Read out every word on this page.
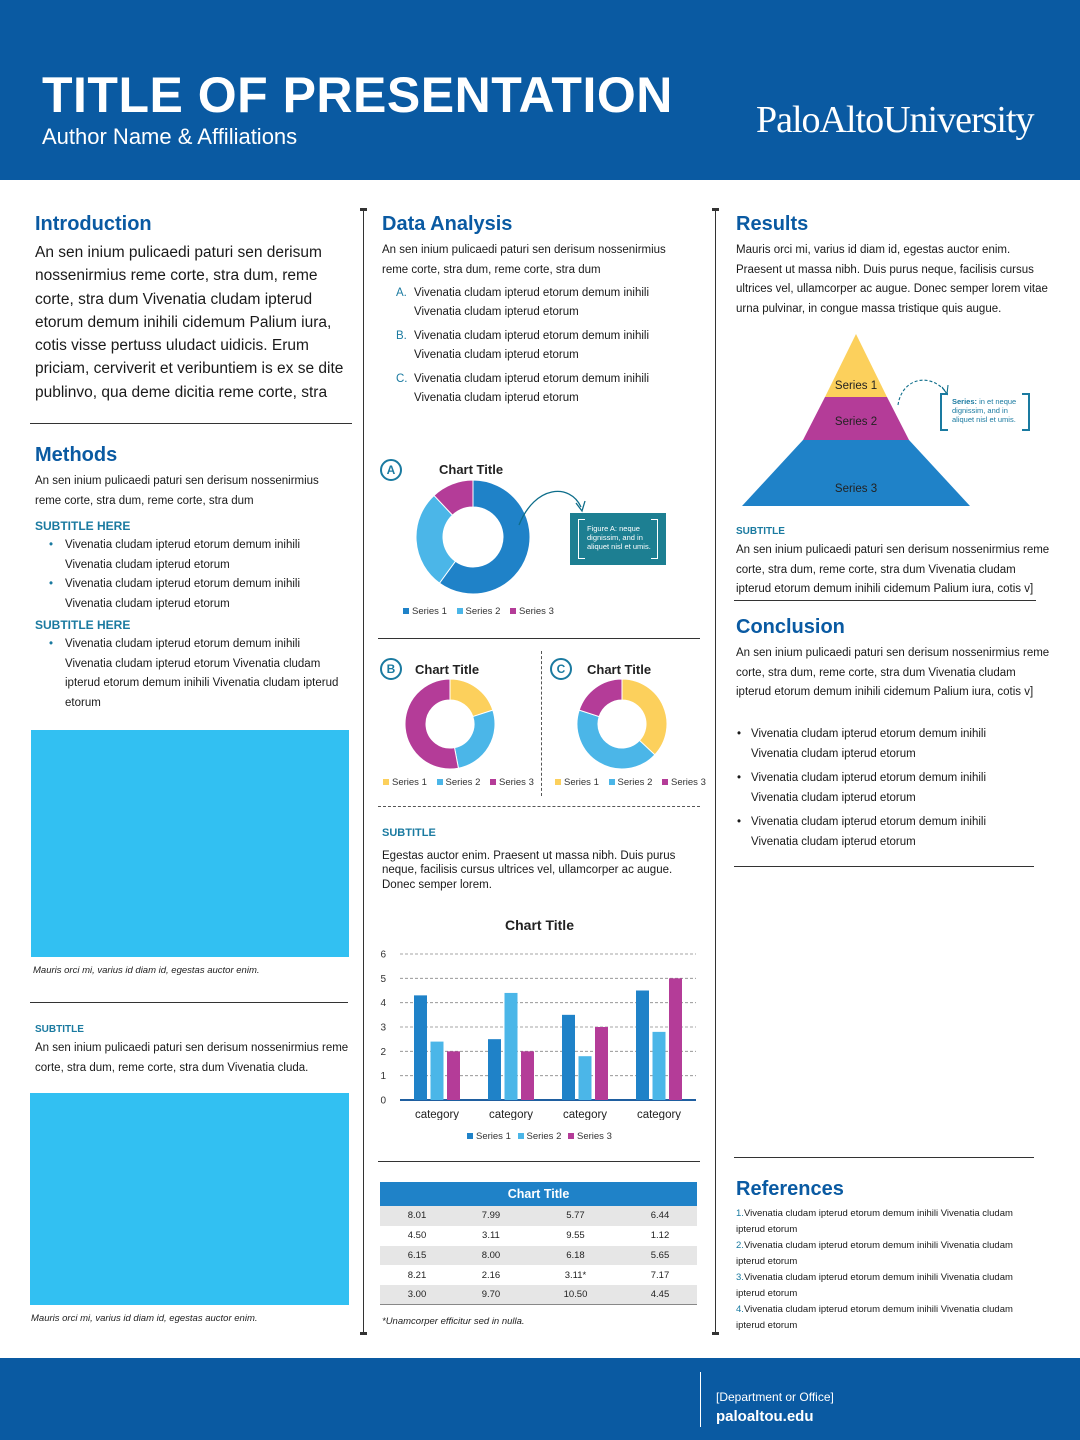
TITLE OF PRESENTATION
Author Name & Affiliations	PaloAltoUniversity
Introduction
An sen inium pulicaedi paturi sen derisum nossenirmius reme corte, stra dum, reme corte, stra dum Vivenatia cludam ipterud etorum demum inihili cidemum Palium iura, cotis visse pertuss uludact uidicis. Erum priciam, cerviverit et veribuntiem is ex se dite publinvo, qua deme dicitia reme corte, stra
Methods
An sen inium pulicaedi paturi sen derisum nossenirmius reme corte, stra dum, reme corte, stra dum
SUBTITLE HERE
• Vivenatia cludam ipterud etorum demum inihili Vivenatia cludam ipterud etorum
• Vivenatia cludam ipterud etorum demum inihili Vivenatia cludam ipterud etorum
SUBTITLE HERE
• Vivenatia cludam ipterud etorum demum inihili Vivenatia cludam ipterud etorum Vivenatia cludam ipterud etorum demum inihili Vivenatia cludam ipterud etorum
Mauris orci mi, varius id diam id, egestas auctor enim.
SUBTITLE
An sen inium pulicaedi paturi sen derisum nossenirmius reme corte, stra dum, reme corte, stra dum Vivenatia cluda.
Mauris orci mi, varius id diam id, egestas auctor enim.
Data Analysis
An sen inium pulicaedi paturi sen derisum nossenirmius reme corte, stra dum, reme corte, stra dum
A. Vivenatia cludam ipterud etorum demum inihili Vivenatia cludam ipterud etorum
B. Vivenatia cludam ipterud etorum demum inihili Vivenatia cludam ipterud etorum
C. Vivenatia cludam ipterud etorum demum inihili Vivenatia cludam ipterud etorum
A	Chart Title
Figure A: neque dignissim, and in aliquet nisl et umis.
Series 1 Series 2 Series 3
B	Chart Title
Series 1 Series 2 Series 3
C	Chart Title
Series 1 Series 2 Series 3
SUBTITLE
Egestas auctor enim. Praesent ut massa nibh. Duis purus neque, facilisis cursus ultrices vel, ullamcorper ac augue. Donec semper lorem.
Chart Title
0
1
2
3
4
5
6
category	category	category	category
Series 1 Series 2 Series 3
Chart Title
8.01	7.99	5.77	6.44
4.50	3.11	9.55	1.12
6.15	8.00	6.18	5.65
8.21	2.16	3.11*	7.17
3.00	9.70	10.50	4.45
*Unamcorper efficitur sed in nulla.
Results
Mauris orci mi, varius id diam id, egestas auctor enim. Praesent ut massa nibh. Duis purus neque, facilisis cursus ultrices vel, ullamcorper ac augue. Donec semper lorem vitae urna pulvinar, in congue massa tristique quis augue.
Series 1
Series 2
Series 3
Series: in et neque dignissim, and in aliquet nisl et umis.
SUBTITLE
An sen inium pulicaedi paturi sen derisum nossenirmius reme corte, stra dum, reme corte, stra dum Vivenatia cludam ipterud etorum demum inihili cidemum Palium iura, cotis v]
Conclusion
An sen inium pulicaedi paturi sen derisum nossenirmius reme corte, stra dum, reme corte, stra dum Vivenatia cludam ipterud etorum demum inihili cidemum Palium iura, cotis v]
• Vivenatia cludam ipterud etorum demum inihili Vivenatia cludam ipterud etorum
• Vivenatia cludam ipterud etorum demum inihili Vivenatia cludam ipterud etorum
• Vivenatia cludam ipterud etorum demum inihili Vivenatia cludam ipterud etorum
References
1.Vivenatia cludam ipterud etorum demum inihili Vivenatia cludam ipterud etorum
2.Vivenatia cludam ipterud etorum demum inihili Vivenatia cludam ipterud etorum
3.Vivenatia cludam ipterud etorum demum inihili Vivenatia cludam ipterud etorum
4.Vivenatia cludam ipterud etorum demum inihili Vivenatia cludam ipterud etorum
[Department or Office]
paloaltou.edu
